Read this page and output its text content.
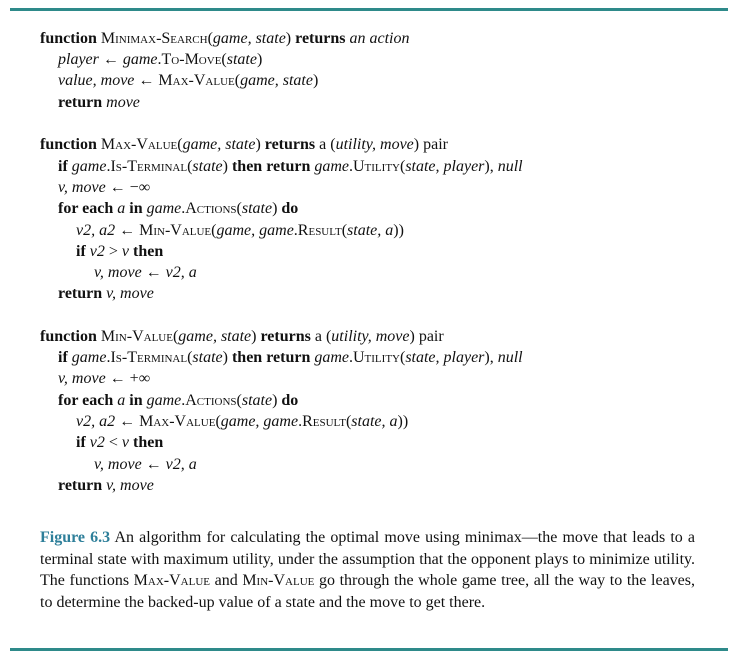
function Minimax-Search(game, state) returns an action
player ← game.To-Move(state)
value, move ← Max-Value(game, state)
return move
function Max-Value(game, state) returns a (utility, move) pair
if game.Is-Terminal(state) then return game.Utility(state, player), null
v, move ← −∞
for each a in game.Actions(state) do
v2, a2 ← Min-Value(game, game.Result(state, a))
if v2 > v then
v, move ← v2, a
return v, move
function Min-Value(game, state) returns a (utility, move) pair
if game.Is-Terminal(state) then return game.Utility(state, player), null
v, move ← +∞
for each a in game.Actions(state) do
v2, a2 ← Max-Value(game, game.Result(state, a))
if v2 < v then
v, move ← v2, a
return v, move
Figure 6.3 An algorithm for calculating the optimal move using minimax—the move that leads to a terminal state with maximum utility, under the assumption that the opponent plays to minimize utility. The functions Max-Value and Min-Value go through the whole game tree, all the way to the leaves, to determine the backed-up value of a state and the move to get there.
